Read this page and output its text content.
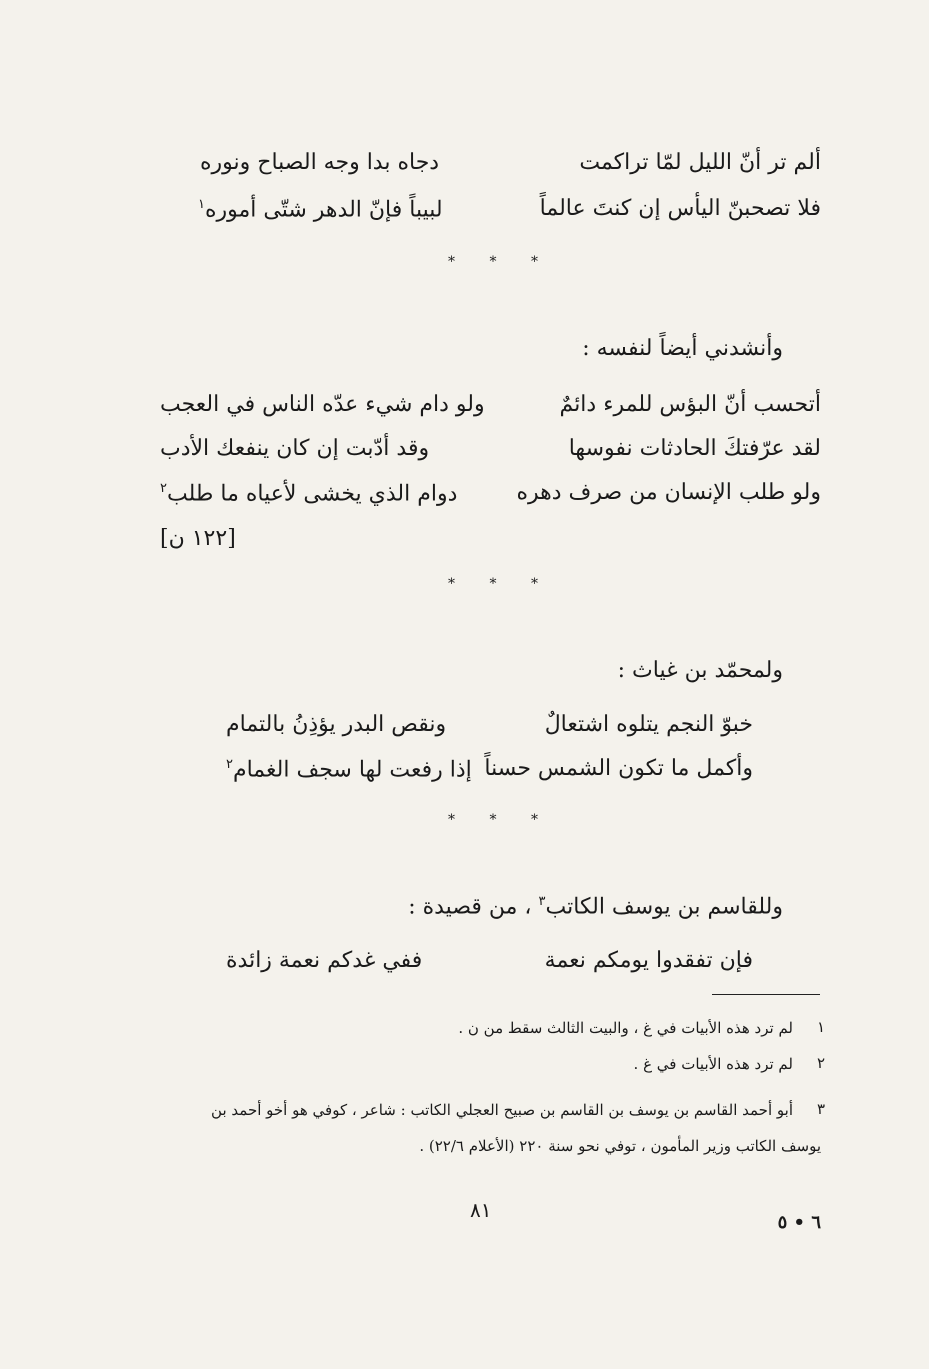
ألم تر أنّ الليل لمّا تراكمت
دجاه بدا وجه الصباح ونوره
فلا تصحبنّ اليأس إن كنتَ عالماً
لبيباً فإنّ الدهر شتّى أموره$^١$
* * *
وأنشدني أيضاً لنفسه :
أتحسب أنّ البؤس للمرء دائمٌ
ولو دام شيء عدّه الناس في العجب
لقد عرّفتكَ الحادثات نفوسها
وقد أدّبت إن كان ينفعك الأدب
ولو طلب الإنسان من صرف دهره
دوام الذي يخشى لأعياه ما طلب$^٢$
[١٢٢ ن]
* * *
ولمحمّد بن غياث :
خبوّ النجم يتلوه اشتعالٌ
ونقص البدر يؤذِنُ بالتمام
وأكمل ما تكون الشمس حسناً
إذا رفعت لها سجف الغمام$^٢$
* * *
وللقاسم بن يوسف الكاتب$^٣$ ، من قصيدة :
فإن تفقدوا يومكم نعمة
ففي غدكم نعمة زائدة
١
لم ترد هذه الأبيات في غ ، والبيت الثالث سقط من ن .
٢
لم ترد هذه الأبيات في غ .
٣
أبو أحمد القاسم بن يوسف بن القاسم بن صبيح العجلي الكاتب : شاعر ، كوفي هو أخو أحمد بن
يوسف الكاتب وزير المأمون ، توفي نحو سنة ٢٢٠ (الأعلام ٢٢/٦) .
٨١
٦ • ٥
